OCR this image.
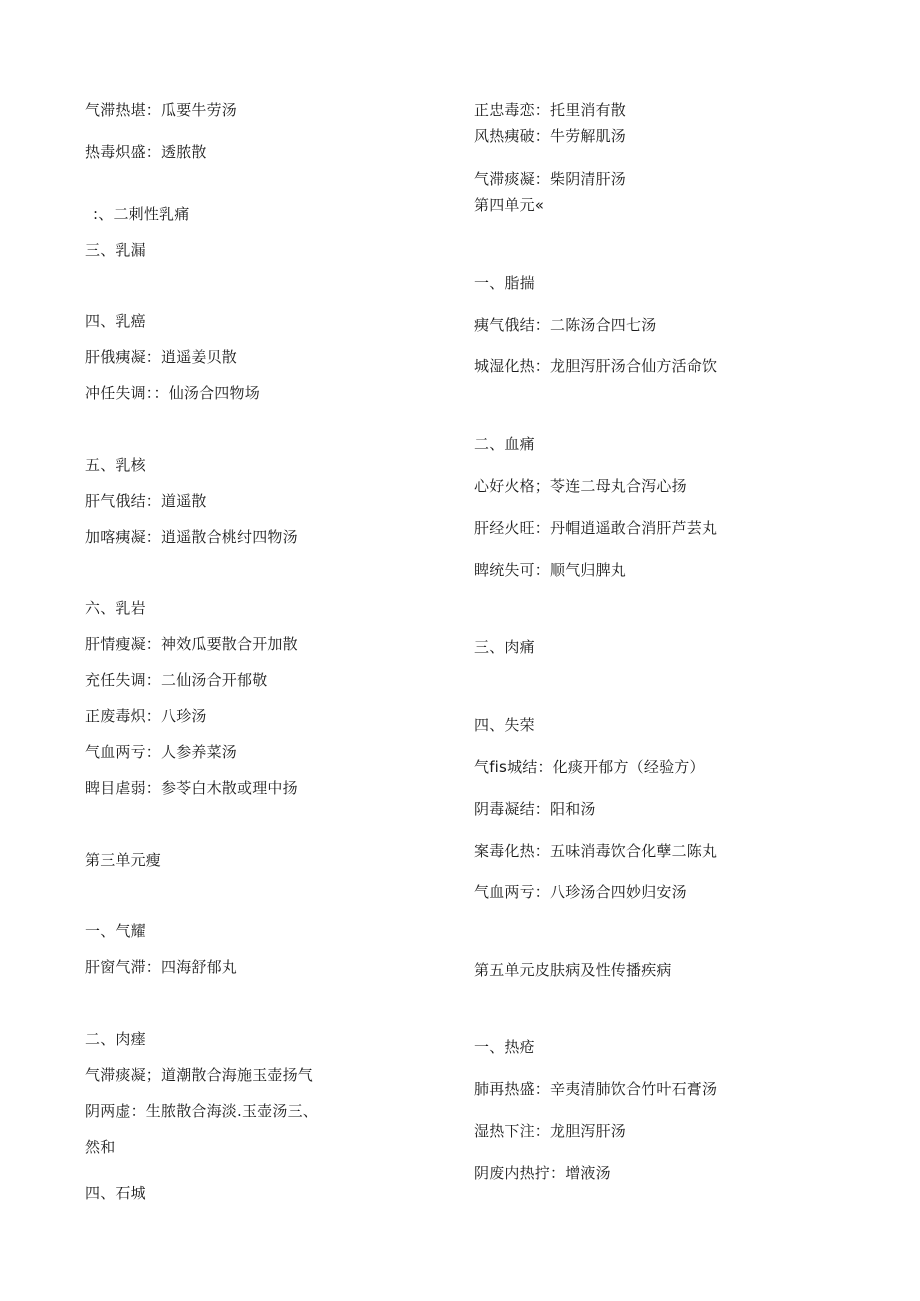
气滞热堪：瓜要牛劳汤
热毒炽盛：透脓散
:、二刺性乳痛
三、乳漏
四、乳癌
肝俄痍凝：逍遥姜贝散
冲任失调：：仙汤合四物场
五、乳核
肝气俄结：道遥散
加喀痍凝：逍遥散合桃纣四物汤
六、乳岩
肝情瘦凝：神效瓜要散合开加散
充任失调：二仙汤合开郁敬
正废毒炽：八珍汤
气血两亏：人参养菜汤
睥目虐弱：参苓白木散或理中扬
第三单元瘦
一、气耀
肝窗气滞：四海舒郁丸
二、肉瘗
气滞痰凝；道潮散合海施玉壶扬气
阴两虚：生脓散合海淡.玉壶汤三、
然和
四、石城
正忠毒恋：托里消有散
风热痍破：牛劳解肌汤
气滞痰凝：柴阴清肝汤
第四单元«
一、脂揣
痍气俄结：二陈汤合四七汤
城湿化热：龙胆泻肝汤合仙方活命饮
二、血痛
心好火格；苓连二母丸合泻心扬
肝经火旺：丹帽逍遥敢合消肝芦芸丸
睥统失可：顺气归脾丸
三、肉痛
四、失荣
气fis城结：化痰开郁方（经验方）
阴毒凝结：阳和汤
案毒化热：五味消毒饮合化孽二陈丸
气血两亏：八珍汤合四妙归安汤
第五单元皮肤病及性传播疾病
一、热疮
肺再热盛：辛夷清肺饮合竹叶石膏汤
湿热下注：龙胆泻肝汤
阴废内热拧：增液汤
